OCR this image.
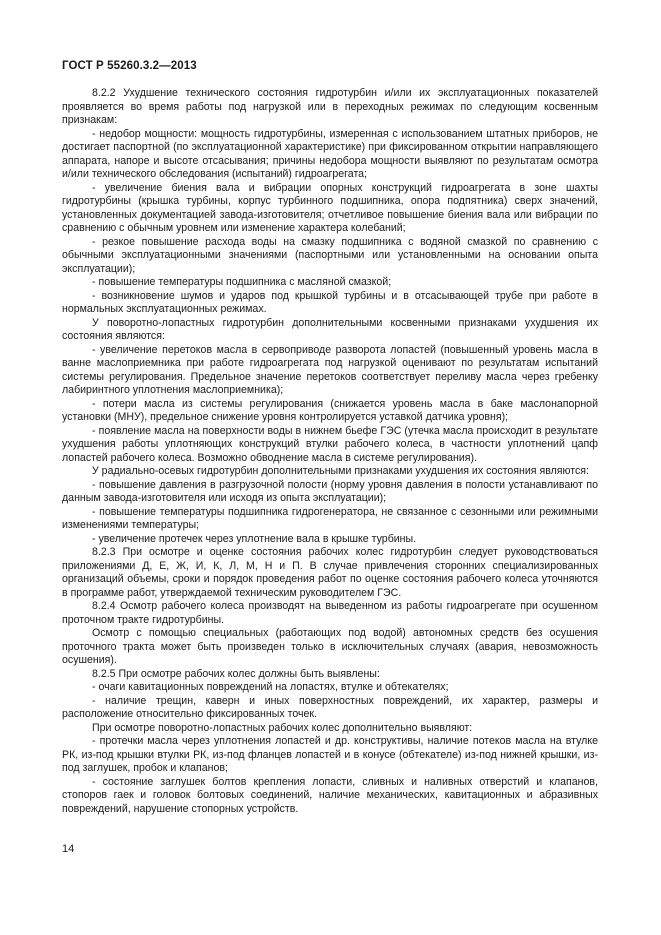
ГОСТ Р 55260.3.2—2013

8.2.2 Ухудшение технического состояния гидротурбин и/или их эксплуатационных показателей проявляется во время работы под нагрузкой или в переходных режимах по следующим косвенным признакам:

- недобор мощности: мощность гидротурбины, измеренная с использованием штатных приборов, не достигает паспортной (по эксплуатационной характеристике) при фиксированном открытии направляющего аппарата, напоре и высоте отсасывания; причины недобора мощности выявляют по результатам осмотра и/или технического обследования (испытаний) гидроагрегата;

- увеличение биения вала и вибрации опорных конструкций гидроагрегата в зоне шахты гидротурбины (крышка турбины, корпус турбинного подшипника, опора подпятника) сверх значений, установленных документацией завода-изготовителя; отчетливое повышение биения вала или вибрации по сравнению с обычным уровнем или изменение характера колебаний;

- резкое повышение расхода воды на смазку подшипника с водяной смазкой по сравнению с обычными эксплуатационными значениями (паспортными или установленными на основании опыта эксплуатации);

- повышение температуры подшипника с масляной смазкой;

- возникновение шумов и ударов под крышкой турбины и в отсасывающей трубе при работе в нормальных эксплуатационных режимах.

У поворотно-лопастных гидротурбин дополнительными косвенными признаками ухудшения их состояния являются:

- увеличение перетоков масла в сервоприводе разворота лопастей (повышенный уровень масла в ванне маслоприемника при работе гидроагрегата под нагрузкой оценивают по результатам испытаний системы регулирования. Предельное значение перетоков соответствует переливу масла через гребенку лабиринтного уплотнения маслоприемника);

- потери масла из системы регулирования (снижается уровень масла в баке маслонапорной установки (МНУ), предельное снижение уровня контролируется уставкой датчика уровня);

- появление масла на поверхности воды в нижнем бьефе ГЭС (утечка масла происходит в результате ухудшения работы уплотняющих конструкций втулки рабочего колеса, в частности уплотнений цапф лопастей рабочего колеса. Возможно обводнение масла в системе регулирования).

У радиально-осевых гидротурбин дополнительными признаками ухудшения их состояния являются:

- повышение давления в разгрузочной полости (норму уровня давления в полости устанавливают по данным завода-изготовителя или исходя из опыта эксплуатации);

- повышение температуры подшипника гидрогенератора, не связанное с сезонными или режимными изменениями температуры;

- увеличение протечек через уплотнение вала в крышке турбины.

8.2.3 При осмотре и оценке состояния рабочих колес гидротурбин следует руководствоваться приложениями Д, Е, Ж, И, К, Л, М, Н и П. В случае привлечения сторонних специализированных организаций объемы, сроки и порядок проведения работ по оценке состояния рабочего колеса уточняются в программе работ, утверждаемой техническим руководителем ГЭС.

8.2.4 Осмотр рабочего колеса производят на выведенном из работы гидроагрегате при осушенном проточном тракте гидротурбины.

Осмотр с помощью специальных (работающих под водой) автономных средств без осушения проточного тракта может быть произведен только в исключительных случаях (авария, невозможность осушения).

8.2.5 При осмотре рабочих колес должны быть выявлены:

- очаги кавитационных повреждений на лопастях, втулке и обтекателях;

- наличие трещин, каверн и иных поверхностных повреждений, их характер, размеры и расположение относительно фиксированных точек.

При осмотре поворотно-лопастных рабочих колес дополнительно выявляют:

- протечки масла через уплотнения лопастей и др. конструктивы, наличие потеков масла на втулке РК, из-под крышки втулки РК, из-под фланцев лопастей и в конусе (обтекателе) из-под нижней крышки, из-под заглушек, пробок и клапанов;

- состояние заглушек болтов крепления лопасти, сливных и наливных отверстий и клапанов, стопоров гаек и головок болтовых соединений, наличие механических, кавитационных и абразивных повреждений, нарушение стопорных устройств.

14
